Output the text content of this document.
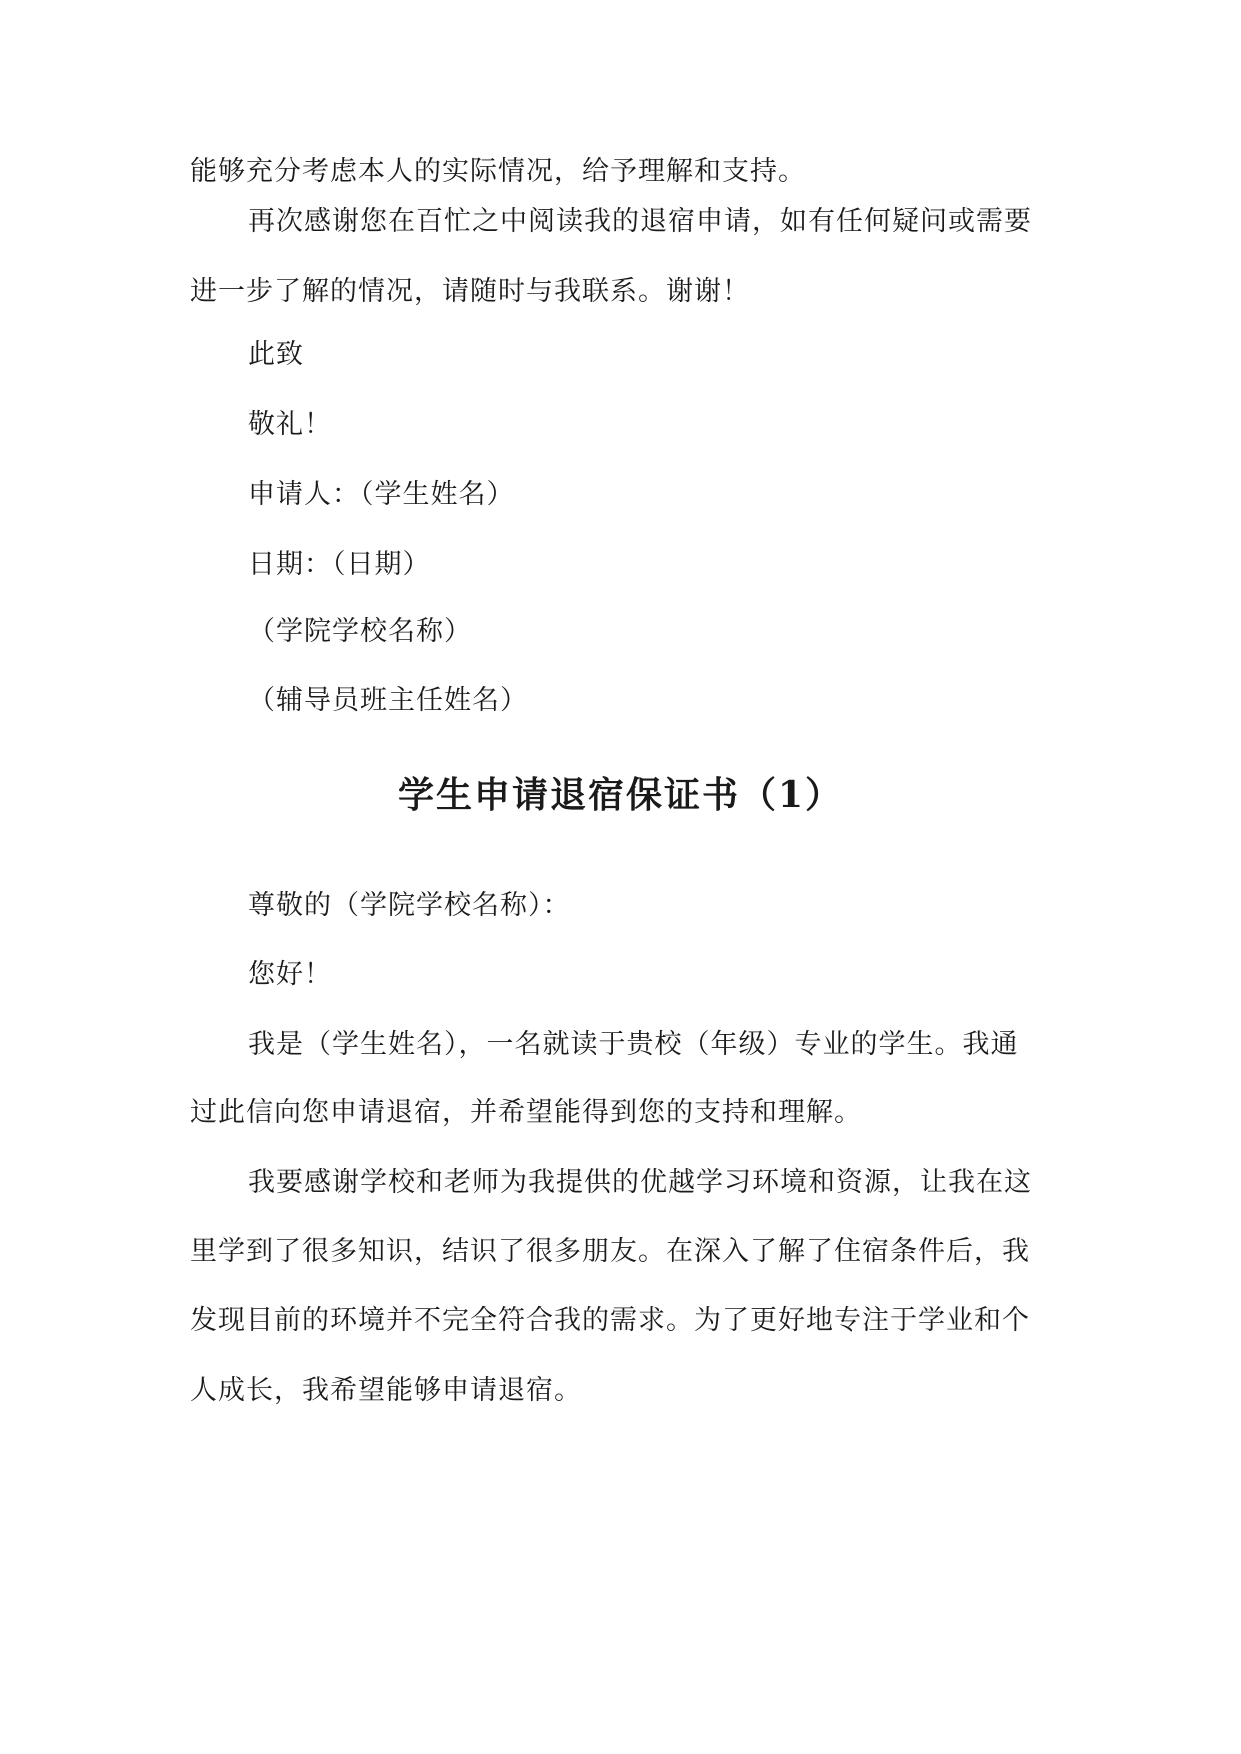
能够充分考虑本人的实际情况，给予理解和支持。
再次感谢您在百忙之中阅读我的退宿申请，如有任何疑问或需要
进一步了解的情况，请随时与我联系。谢谢！
此致
敬礼！
申请人：（学生姓名）
日期：（日期）
（学院学校名称）
（辅导员班主任姓名）
学生申请退宿保证书（1）
尊敬的（学院学校名称）：
您好！
我是（学生姓名），一名就读于贵校（年级）专业的学生。我通
过此信向您申请退宿，并希望能得到您的支持和理解。
我要感谢学校和老师为我提供的优越学习环境和资源，让我在这
里学到了很多知识，结识了很多朋友。在深入了解了住宿条件后，我
发现目前的环境并不完全符合我的需求。为了更好地专注于学业和个
人成长，我希望能够申请退宿。
